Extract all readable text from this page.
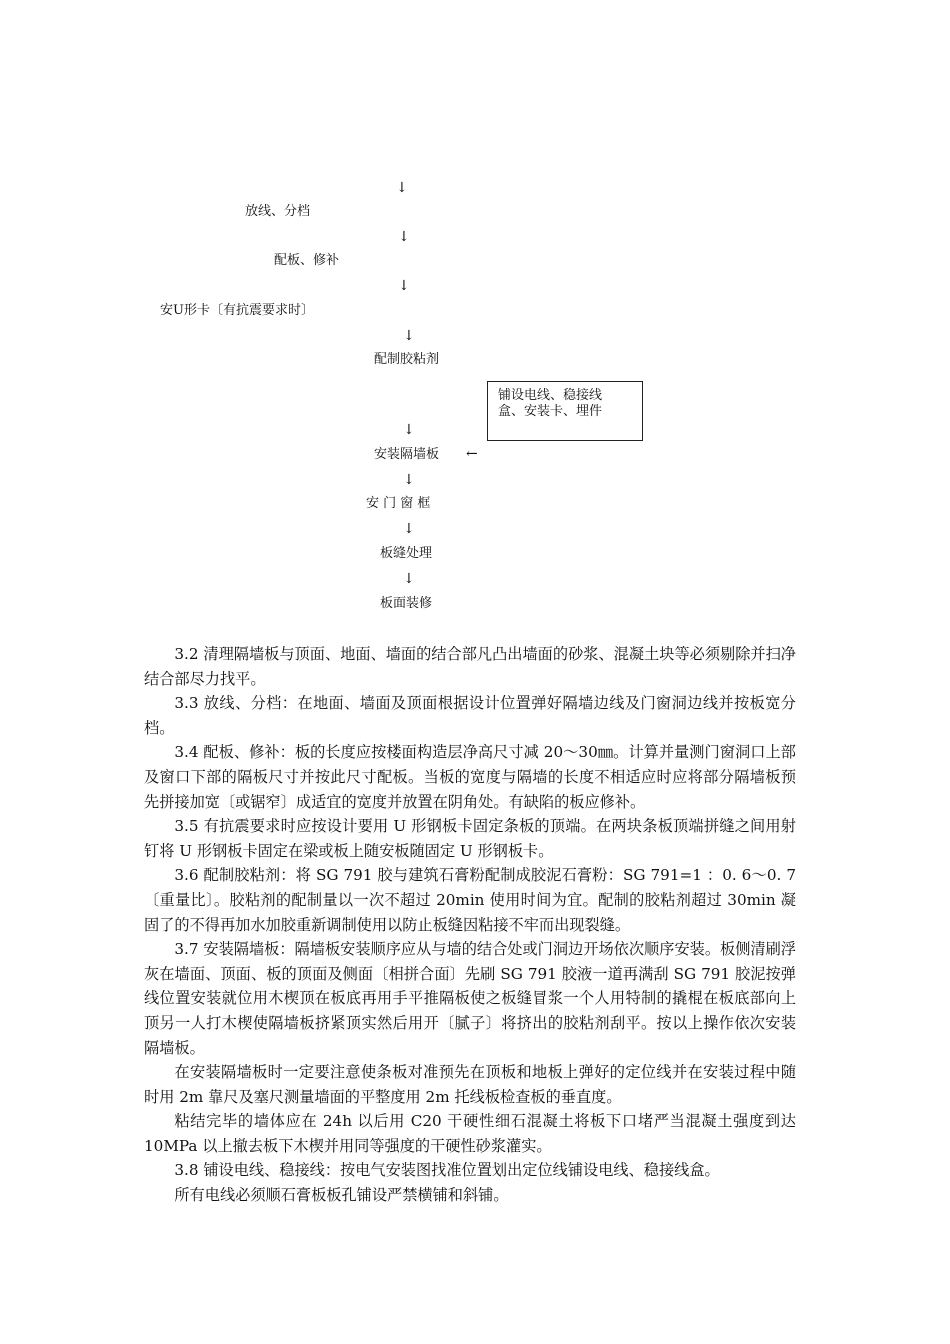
↓
放线、分档
↓
配板、修补
↓
安U形卡〔有抗震要求时〕
↓
配制胶粘剂
铺设电线、稳接线
盒、安装卡、埋件
↓
安装隔墙板 ←
↓
安 门 窗 框
↓
板缝处理
↓
板面装修

3.2 清理隔墙板与顶面、地面、墙面的结合部凡凸出墙面的砂浆、混凝土块等必须剔除并扫净结合部尽力找平。

3.3 放线、分档：在地面、墙面及顶面根据设计位置弹好隔墙边线及门窗洞边线并按板宽分档。

3.4 配板、修补：板的长度应按楼面构造层净高尺寸减 20～30㎜。计算并量测门窗洞口上部及窗口下部的隔板尺寸并按此尺寸配板。当板的宽度与隔墙的长度不相适应时应将部分隔墙板预先拼接加宽〔或锯窄〕成适宜的宽度并放置在阴角处。有缺陷的板应修补。

3.5 有抗震要求时应按设计要用 U 形钢板卡固定条板的顶端。在两块条板顶端拼缝之间用射钉将 U 形钢板卡固定在梁或板上随安板随固定 U 形钢板卡。

3.6 配制胶粘剂：将 SG 791 胶与建筑石膏粉配制成胶泥石膏粉：SG 791=1 ：0. 6～0. 7〔重量比〕。胶粘剂的配制量以一次不超过 20min 使用时间为宜。配制的胶粘剂超过 30min 凝固了的不得再加水加胶重新调制使用以防止板缝因粘接不牢而出现裂缝。

3.7 安装隔墙板：隔墙板安装顺序应从与墙的结合处或门洞边开场依次顺序安装。板侧清刷浮灰在墙面、顶面、板的顶面及侧面〔相拼合面〕先刷 SG 791 胶液一道再满刮 SG 791 胶泥按弹线位置安装就位用木楔顶在板底再用手平推隔板使之板缝冒浆一个人用特制的撬棍在板底部向上顶另一人打木楔使隔墙板挤紧顶实然后用开〔腻子〕将挤出的胶粘剂刮平。按以上操作依次安装隔墙板。

在安装隔墙板时一定要注意使条板对准预先在顶板和地板上弹好的定位线并在安装过程中随时用 2m 靠尺及塞尺测量墙面的平整度用 2m 托线板检查板的垂直度。

粘结完毕的墙体应在 24h 以后用 C20 干硬性细石混凝土将板下口堵严当混凝土强度到达 10MPa 以上撤去板下木楔并用同等强度的干硬性砂浆灌实。

3.8 铺设电线、稳接线：按电气安装图找准位置划出定位线铺设电线、稳接线盒。

所有电线必须顺石膏板板孔铺设严禁横铺和斜铺。
